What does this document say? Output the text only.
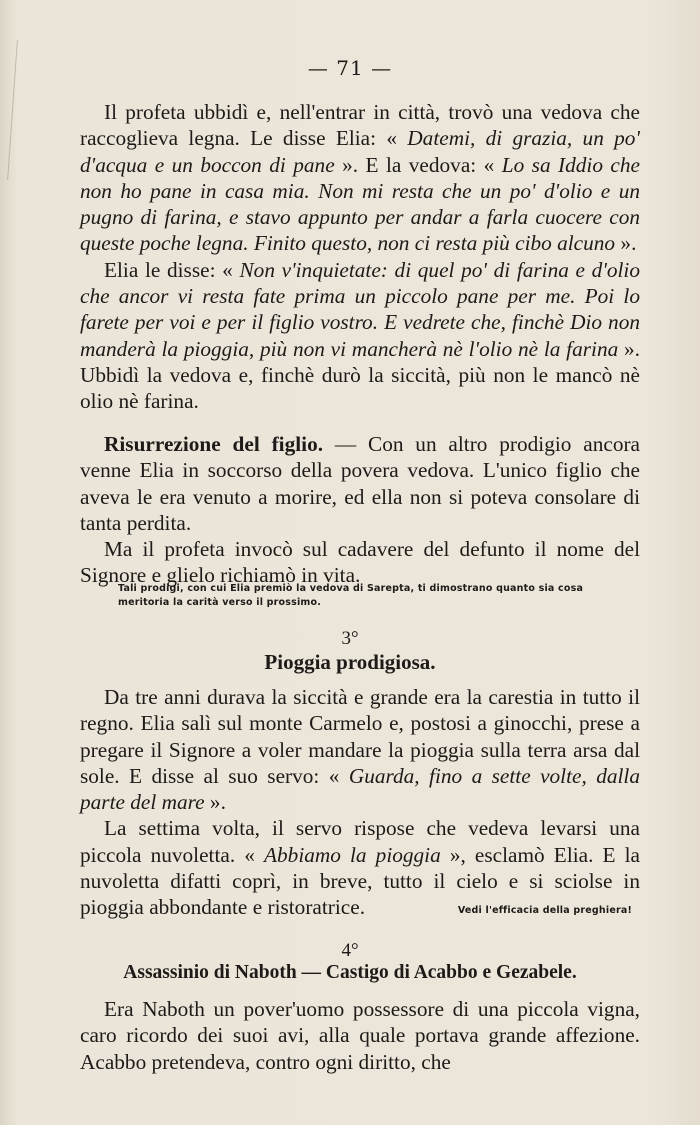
— 71 —

Il profeta ubbidì e, nell'entrar in città, trovò una vedova che raccoglieva legna. Le disse Elia: « Datemi, di grazia, un po' d'acqua e un boccon di pane ». E la vedova: « Lo sa Iddio che non ho pane in casa mia. Non mi resta che un po' d'olio e un pugno di farina, e stavo appunto per andar a farla cuocere con queste poche legna. Finito questo, non ci resta più cibo alcuno ».

Elia le disse: « Non v'inquietate: di quel po' di farina e d'olio che ancor vi resta fate prima un piccolo pane per me. Poi lo farete per voi e per il figlio vostro. E vedrete che, finchè Dio non manderà la pioggia, più non vi mancherà nè l'olio nè la farina ». Ubbidì la vedova e, finchè durò la siccità, più non le mancò nè olio nè farina.

Risurrezione del figlio. — Con un altro prodigio ancora venne Elia in soccorso della povera vedova. L'unico figlio che aveva le era venuto a morire, ed ella non si poteva consolare di tanta perdita.

Ma il profeta invocò sul cadavere del defunto il nome del Signore e glielo richiamò in vita.

Tali prodigi, con cui Elia premiò la vedova di Sarepta, ti dimostrano quanto sia cosa meritoria la carità verso il prossimo.
3°
Pioggia prodigiosa.

Da tre anni durava la siccità e grande era la carestia in tutto il regno. Elia salì sul monte Carmelo e, postosi a ginocchi, prese a pregare il Signore a voler mandare la pioggia sulla terra arsa dal sole. E disse al suo servo: « Guarda, fino a sette volte, dalla parte del mare ».

La settima volta, il servo rispose che vedeva levarsi una piccola nuvoletta. « Abbiamo la pioggia », esclamò Elia. E la nuvoletta difatti coprì, in breve, tutto il cielo e si sciolse in pioggia abbondante e ristoratrice.	Vedi l'efficacia della preghiera!
4°
Assassinio di Naboth — Castigo di Acabbo e Gezabele.

Era Naboth un pover'uomo possessore di una piccola vigna, caro ricordo dei suoi avi, alla quale portava grande affezione. Acabbo pretendeva, contro ogni diritto, che
